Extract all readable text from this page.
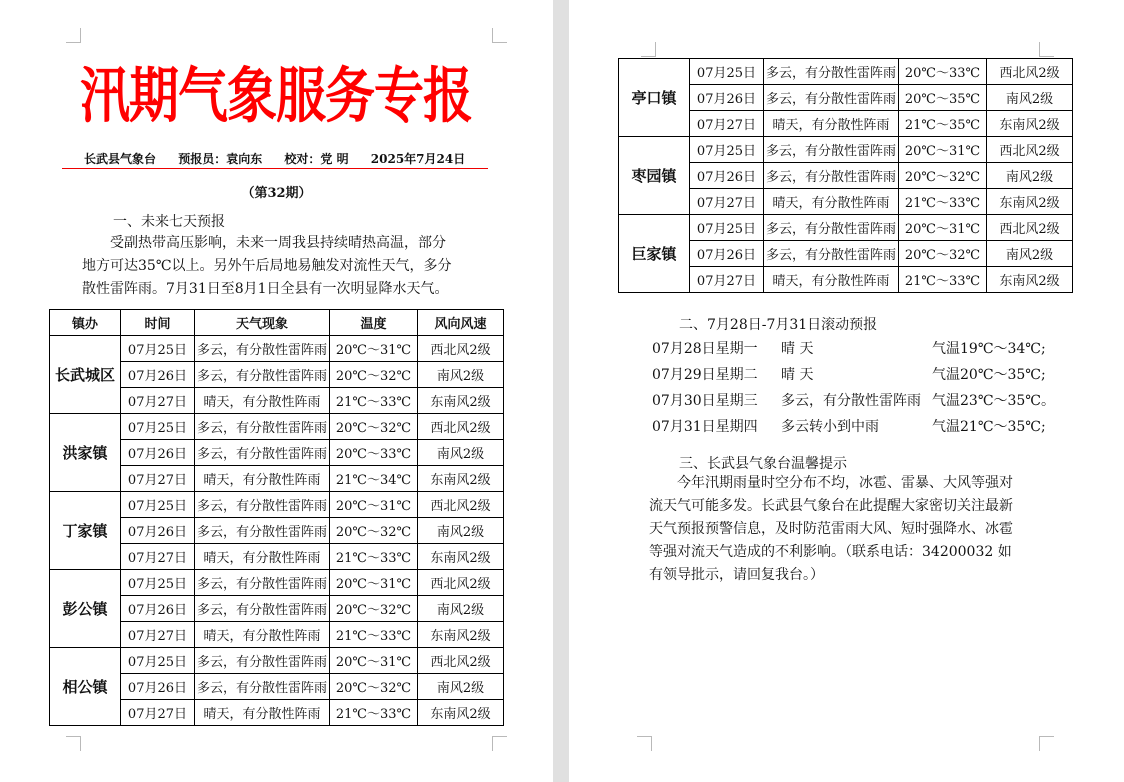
汛期气象服务专报
长武县气象台 预报员：袁向东 校对：党 明 2025年7月24日
（第32期）
一、未来七天预报
受副热带高压影响，未来一周我县持续晴热高温，部分
地方可达35℃以上。另外午后局地易触发对流性天气，多分
散性雷阵雨。7月31日至8月1日全县有一次明显降水天气。
镇办	时间	天气现象	温度	风向风速
长武城区	07月25日	多云，有分散性雷阵雨	20℃～31℃	西北风2级
	07月26日	多云，有分散性雷阵雨	20℃～32℃	南风2级
	07月27日	晴天，有分散性阵雨	21℃～33℃	东南风2级
洪家镇	07月25日	多云，有分散性雷阵雨	20℃～32℃	西北风2级
	07月26日	多云，有分散性雷阵雨	20℃～33℃	南风2级
	07月27日	晴天，有分散性阵雨	21℃～34℃	东南风2级
丁家镇	07月25日	多云，有分散性雷阵雨	20℃～31℃	西北风2级
	07月26日	多云，有分散性雷阵雨	20℃～32℃	南风2级
	07月27日	晴天，有分散性阵雨	21℃～33℃	东南风2级
彭公镇	07月25日	多云，有分散性雷阵雨	20℃～31℃	西北风2级
	07月26日	多云，有分散性雷阵雨	20℃～32℃	南风2级
	07月27日	晴天，有分散性阵雨	21℃～33℃	东南风2级
相公镇	07月25日	多云，有分散性雷阵雨	20℃～31℃	西北风2级
	07月26日	多云，有分散性雷阵雨	20℃～32℃	南风2级
	07月27日	晴天，有分散性阵雨	21℃～33℃	东南风2级
亭口镇	07月25日	多云，有分散性雷阵雨	20℃～33℃	西北风2级
	07月26日	多云，有分散性雷阵雨	20℃～35℃	南风2级
	07月27日	晴天，有分散性阵雨	21℃～35℃	东南风2级
枣园镇	07月25日	多云，有分散性雷阵雨	20℃～31℃	西北风2级
	07月26日	多云，有分散性雷阵雨	20℃～32℃	南风2级
	07月27日	晴天，有分散性阵雨	21℃～33℃	东南风2级
巨家镇	07月25日	多云，有分散性雷阵雨	20℃～31℃	西北风2级
	07月26日	多云，有分散性雷阵雨	20℃～32℃	南风2级
	07月27日	晴天，有分散性阵雨	21℃～33℃	东南风2级
二、7月28日-7月31日滚动预报
07月28日星期一 晴 天	气温19℃～34℃;
07月29日星期二 晴 天	气温20℃～35℃;
07月30日星期三 多云，有分散性雷阵雨 气温23℃～35℃。
07月31日星期四 多云转小到中雨	气温21℃～35℃;
三、长武县气象台温馨提示
今年汛期雨量时空分布不均，冰雹、雷暴、大风等强对
流天气可能多发。长武县气象台在此提醒大家密切关注最新
天气预报预警信息，及时防范雷雨大风、短时强降水、冰雹
等强对流天气造成的不利影响。（联系电话：34200032 如
有领导批示，请回复我台。）
